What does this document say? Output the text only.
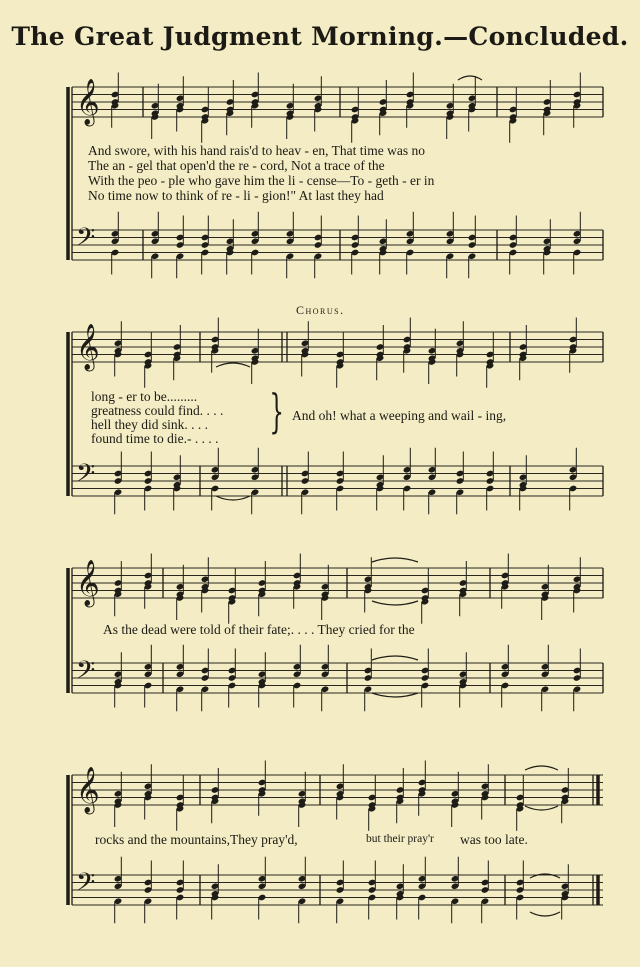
The Great Judgment Morning.—Concluded.
𝄞
𝄢
𝄞
𝄢
𝄞
𝄢
𝄞
𝄢
And swore, with his hand rais'd to heav - en, That time was no
The an - gel that open'd the re - cord, Not a trace of the
With the peo - ple who gave him the li - cense—To - geth - er in
No time now to think of re - li - gion!" At last they had
Chorus.
long - er to be.........
greatness could find. . . .
hell they did sink. . . .
found time to die.- . . . .
} And oh! what a weeping and wail - ing,
As the dead were told of their fate;. . . . They cried for the
rocks and the mountains,They pray'd,	but their pray'r was too late.
